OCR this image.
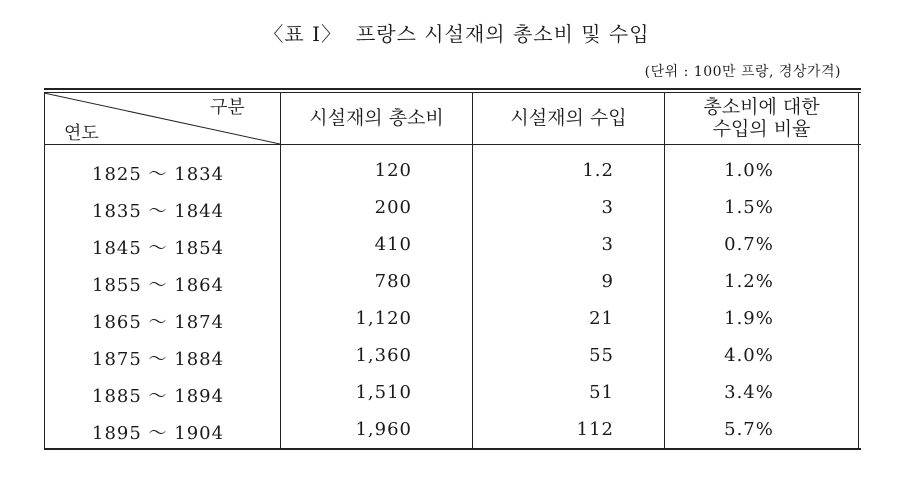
〈표 I〉 프랑스 시설재의 총소비 및 수입
(단위 : 100만 프랑, 경상가격)
구분
연도
시설재의 총소비	시설재의 수입	총소비에 대한
수입의 비율
1825 ～ 1834	120	1.2	1.0%
1835 ～ 1844	200	3	1.5%
1845 ～ 1854	410	3	0.7%
1855 ～ 1864	780	9	1.2%
1865 ～ 1874	1,120	21	1.9%
1875 ～ 1884	1,360	55	4.0%
1885 ～ 1894	1,510	51	3.4%
1895 ～ 1904	1,960	112	5.7%
